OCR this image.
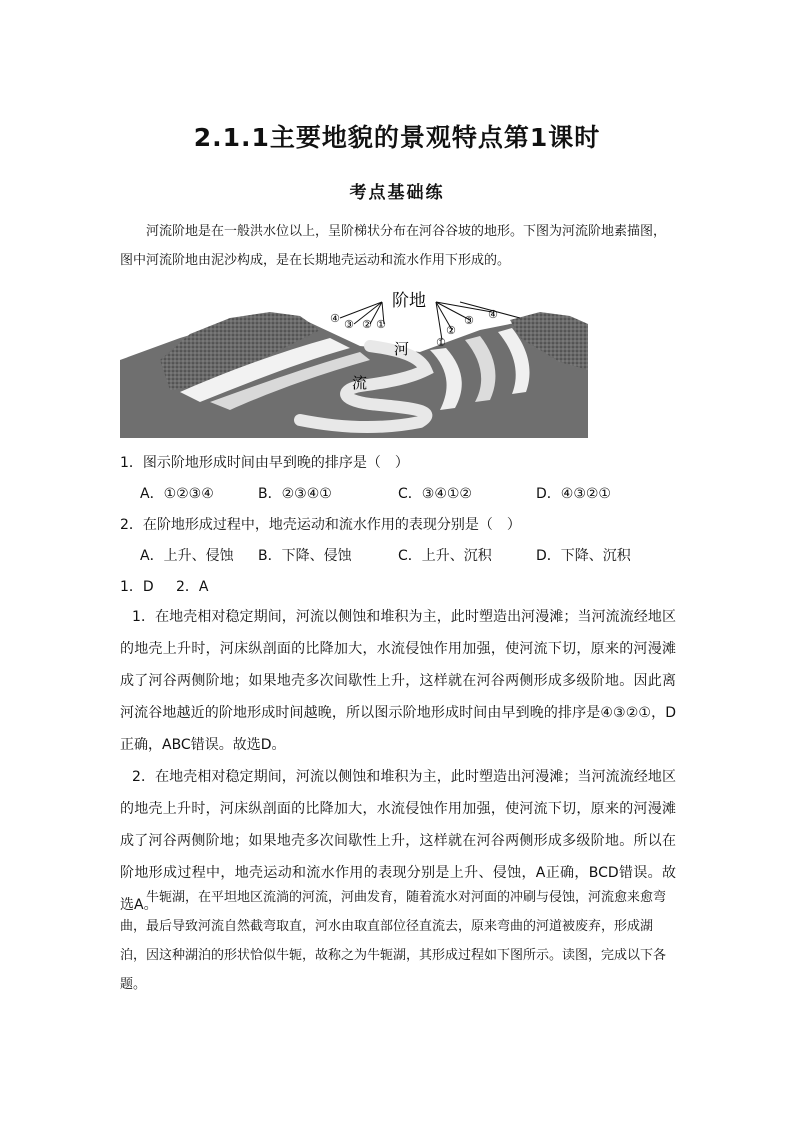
2.1.1主要地貌的景观特点第1课时
考点基础练

河流阶地是在一般洪水位以上，呈阶梯状分布在河谷谷坡的地形。下图为河流阶地素描图，图中河流阶地由泥沙构成，是在长期地壳运动和流水作用下形成的。

阶地
河
流
④ ③ ② ①
①
②
③ ④
1．图示阶地形成时间由早到晚的排序是（　）
A．①②③④	B．②③④①	C．③④①②	D．④③②①
2．在阶地形成过程中，地壳运动和流水作用的表现分别是（　）
A．上升、侵蚀 B．下降、侵蚀	C．上升、沉积	D．下降、沉积
1．D 2．A

1．在地壳相对稳定期间，河流以侧蚀和堆积为主，此时塑造出河漫滩；当河流流经地区的地壳上升时，河床纵剖面的比降加大，水流侵蚀作用加强，使河流下切，原来的河漫滩成了河谷两侧阶地；如果地壳多次间歇性上升，这样就在河谷两侧形成多级阶地。因此离河流谷地越近的阶地形成时间越晚，所以图示阶地形成时间由早到晚的排序是④③②①，D正确，ABC错误。故选D。

2．在地壳相对稳定期间，河流以侧蚀和堆积为主，此时塑造出河漫滩；当河流流经地区的地壳上升时，河床纵剖面的比降加大，水流侵蚀作用加强，使河流下切，原来的河漫滩成了河谷两侧阶地；如果地壳多次间歇性上升，这样就在河谷两侧形成多级阶地。所以在阶地形成过程中，地壳运动和流水作用的表现分别是上升、侵蚀，A正确，BCD错误。故选A。

牛轭湖，在平坦地区流淌的河流，河曲发育，随着流水对河面的冲刷与侵蚀，河流愈来愈弯曲，最后导致河流自然截弯取直，河水由取直部位径直流去，原来弯曲的河道被废弃，形成湖泊，因这种湖泊的形状恰似牛轭，故称之为牛轭湖，其形成过程如下图所示。读图，完成以下各题。
